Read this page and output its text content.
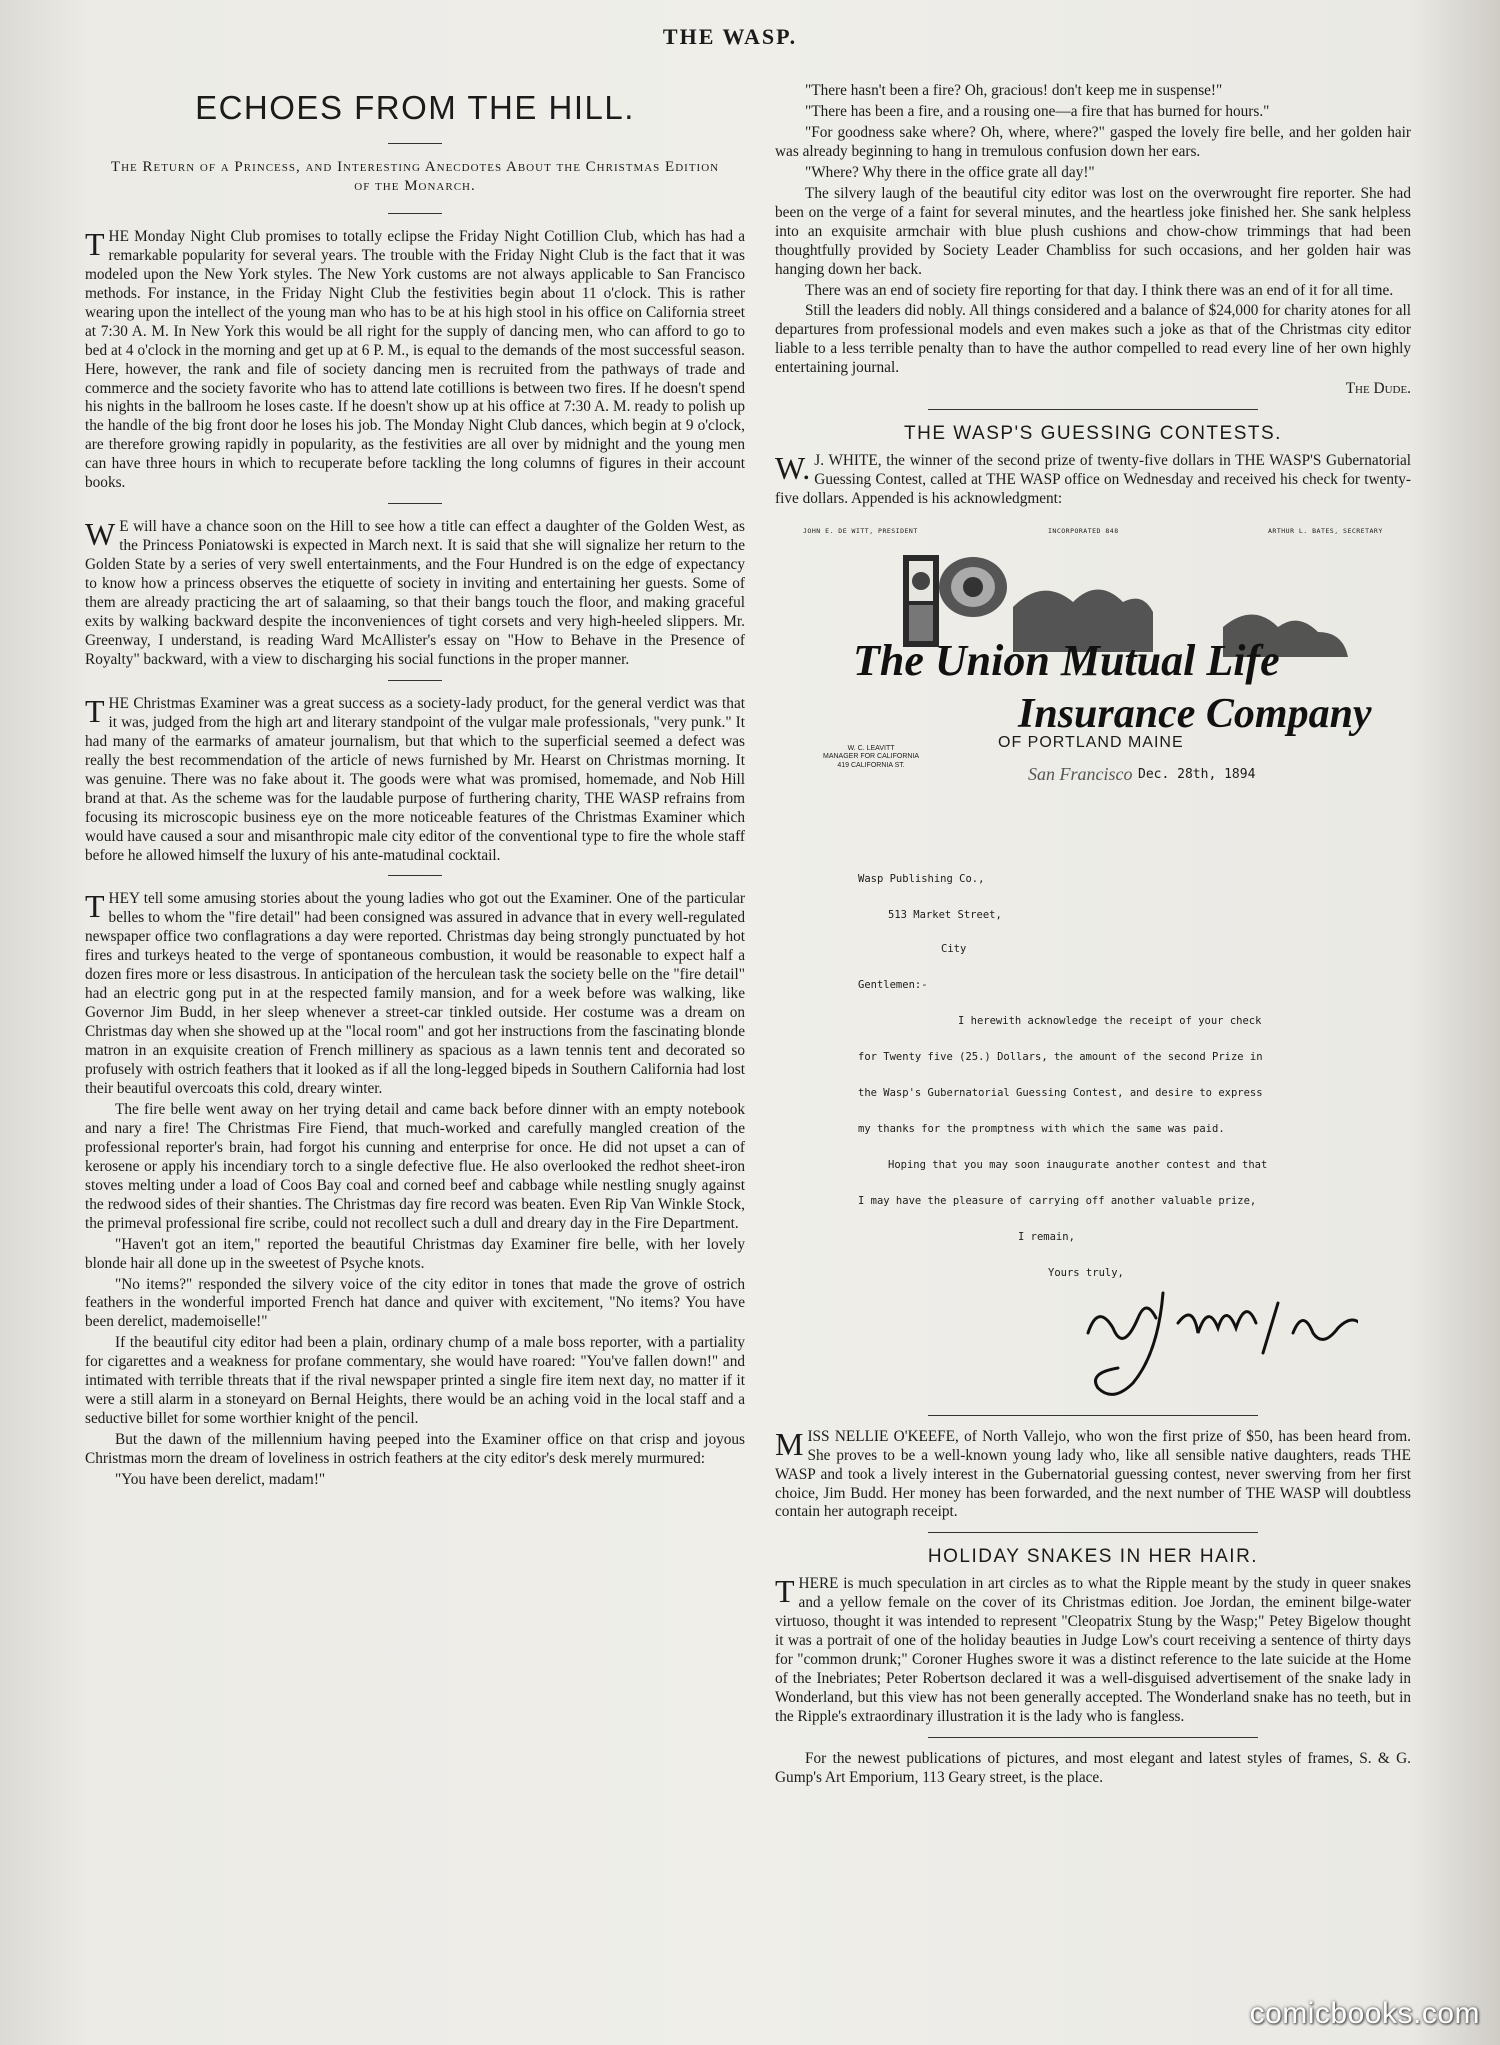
THE WASP.
ECHOES FROM THE HILL.
The Return of a Princess, and Interesting Anecdotes About the Christmas Edition of the Monarch.

THE Monday Night Club promises to totally eclipse the Friday Night Cotillion Club, which has had a remarkable popularity for several years. The trouble with the Friday Night Club is the fact that it was modeled upon the New York styles. The New York customs are not always applicable to San Francisco methods. For instance, in the Friday Night Club the festivities begin about 11 o'clock. This is rather wearing upon the intellect of the young man who has to be at his high stool in his office on California street at 7:30 A. M. In New York this would be all right for the supply of dancing men, who can afford to go to bed at 4 o'clock in the morning and get up at 6 P. M., is equal to the demands of the most successful season. Here, however, the rank and file of society dancing men is recruited from the pathways of trade and commerce and the society favorite who has to attend late cotillions is between two fires. If he doesn't spend his nights in the ballroom he loses caste. If he doesn't show up at his office at 7:30 A. M. ready to polish up the handle of the big front door he loses his job. The Monday Night Club dances, which begin at 9 o'clock, are therefore growing rapidly in popularity, as the festivities are all over by midnight and the young men can have three hours in which to recuperate before tackling the long columns of figures in their account books.

WE will have a chance soon on the Hill to see how a title can effect a daughter of the Golden West, as the Princess Poniatowski is expected in March next. It is said that she will signalize her return to the Golden State by a series of very swell entertainments, and the Four Hundred is on the edge of expectancy to know how a princess observes the etiquette of society in inviting and entertaining her guests. Some of them are already practicing the art of salaaming, so that their bangs touch the floor, and making graceful exits by walking backward despite the inconveniences of tight corsets and very high-heeled slippers. Mr. Greenway, I understand, is reading Ward McAllister's essay on "How to Behave in the Presence of Royalty" backward, with a view to discharging his social functions in the proper manner.

THE Christmas Examiner was a great success as a society-lady product, for the general verdict was that it was, judged from the high art and literary standpoint of the vulgar male professionals, "very punk." It had many of the earmarks of amateur journalism, but that which to the superficial seemed a defect was really the best recommendation of the article of news furnished by Mr. Hearst on Christmas morning. It was genuine. There was no fake about it. The goods were what was promised, homemade, and Nob Hill brand at that. As the scheme was for the laudable purpose of furthering charity, THE WASP refrains from focusing its microscopic business eye on the more noticeable features of the Christmas Examiner which would have caused a sour and misanthropic male city editor of the conventional type to fire the whole staff before he allowed himself the luxury of his ante-matudinal cocktail.

THEY tell some amusing stories about the young ladies who got out the Examiner. One of the particular belles to whom the "fire detail" had been consigned was assured in advance that in every well-regulated newspaper office two conflagrations a day were reported. Christmas day being strongly punctuated by hot fires and turkeys heated to the verge of spontaneous combustion, it would be reasonable to expect half a dozen fires more or less disastrous. In anticipation of the herculean task the society belle on the "fire detail" had an electric gong put in at the respected family mansion, and for a week before was walking, like Governor Jim Budd, in her sleep whenever a street-car tinkled outside. Her costume was a dream on Christmas day when she showed up at the "local room" and got her instructions from the fascinating blonde matron in an exquisite creation of French millinery as spacious as a lawn tennis tent and decorated so profusely with ostrich feathers that it looked as if all the long-legged bipeds in Southern California had lost their beautiful overcoats this cold, dreary winter.

The fire belle went away on her trying detail and came back before dinner with an empty notebook and nary a fire! The Christmas Fire Fiend, that much-worked and carefully mangled creation of the professional reporter's brain, had forgot his cunning and enterprise for once. He did not upset a can of kerosene or apply his incendiary torch to a single defective flue. He also overlooked the redhot sheet-iron stoves melting under a load of Coos Bay coal and corned beef and cabbage while nestling snugly against the redwood sides of their shanties. The Christmas day fire record was beaten. Even Rip Van Winkle Stock, the primeval professional fire scribe, could not recollect such a dull and dreary day in the Fire Department.

"Haven't got an item," reported the beautiful Christmas day Examiner fire belle, with her lovely blonde hair all done up in the sweetest of Psyche knots.

"No items?" responded the silvery voice of the city editor in tones that made the grove of ostrich feathers in the wonderful imported French hat dance and quiver with excitement, "No items? You have been derelict, mademoiselle!"

If the beautiful city editor had been a plain, ordinary chump of a male boss reporter, with a partiality for cigarettes and a weakness for profane commentary, she would have roared: "You've fallen down!" and intimated with terrible threats that if the rival newspaper printed a single fire item next day, no matter if it were a still alarm in a stoneyard on Bernal Heights, there would be an aching void in the local staff and a seductive billet for some worthier knight of the pencil.

But the dawn of the millennium having peeped into the Examiner office on that crisp and joyous Christmas morn the dream of loveliness in ostrich feathers at the city editor's desk merely murmured:

"You have been derelict, madam!"

"There hasn't been a fire? Oh, gracious! don't keep me in suspense!"

"There has been a fire, and a rousing one—a fire that has burned for hours."

"For goodness sake where? Oh, where, where?" gasped the lovely fire belle, and her golden hair was already beginning to hang in tremulous confusion down her ears.

"Where? Why there in the office grate all day!"

The silvery laugh of the beautiful city editor was lost on the overwrought fire reporter. She had been on the verge of a faint for several minutes, and the heartless joke finished her. She sank helpless into an exquisite armchair with blue plush cushions and chow-chow trimmings that had been thoughtfully provided by Society Leader Chambliss for such occasions, and her golden hair was hanging down her back.

There was an end of society fire reporting for that day. I think there was an end of it for all time.

Still the leaders did nobly. All things considered and a balance of $24,000 for charity atones for all departures from professional models and even makes such a joke as that of the Christmas city editor liable to a less terrible penalty than to have the author compelled to read every line of her own highly entertaining journal.

The Dude.
THE WASP'S GUESSING CONTESTS.

W.J. WHITE, the winner of the second prize of twenty-five dollars in THE WASP'S Gubernatorial Guessing Contest, called at THE WASP office on Wednesday and received his check for twenty-five dollars. Appended is his acknowledgment:

JOHN E. DE WITT, PRESIDENT	INCORPORATED 848	ARTHUR L. BATES, SECRETARY
The Union Mutual Life
Insurance Company
W. C. LEAVITT
MANAGER FOR CALIFORNIA
419 CALIFORNIA ST.
OF PORTLAND MAINE
San Francisco Dec. 28th, 1894
Wasp Publishing Co.,
513 Market Street,
City
Gentlemen:-
I herewith acknowledge the receipt of your check
for Twenty five (25.) Dollars, the amount of the second Prize in
the Wasp's Gubernatorial Guessing Contest, and desire to express
my thanks for the promptness with which the same was paid.
Hoping that you may soon inaugurate another contest and that
I may have the pleasure of carrying off another valuable prize,
I remain,
Yours truly,

MISS NELLIE O'KEEFE, of North Vallejo, who won the first prize of $50, has been heard from. She proves to be a well-known young lady who, like all sensible native daughters, reads THE WASP and took a lively interest in the Gubernatorial guessing contest, never swerving from her first choice, Jim Budd. Her money has been forwarded, and the next number of THE WASP will doubtless contain her autograph receipt.

HOLIDAY SNAKES IN HER HAIR.

THERE is much speculation in art circles as to what the Ripple meant by the study in queer snakes and a yellow female on the cover of its Christmas edition. Joe Jordan, the eminent bilge-water virtuoso, thought it was intended to represent "Cleopatrix Stung by the Wasp;" Petey Bigelow thought it was a portrait of one of the holiday beauties in Judge Low's court receiving a sentence of thirty days for "common drunk;" Coroner Hughes swore it was a distinct reference to the late suicide at the Home of the Inebriates; Peter Robertson declared it was a well-disguised advertisement of the snake lady in Wonderland, but this view has not been generally accepted. The Wonderland snake has no teeth, but in the Ripple's extraordinary illustration it is the lady who is fangless.

For the newest publications of pictures, and most elegant and latest styles of frames, S. & G. Gump's Art Emporium, 113 Geary street, is the place.

comicbooks.com
